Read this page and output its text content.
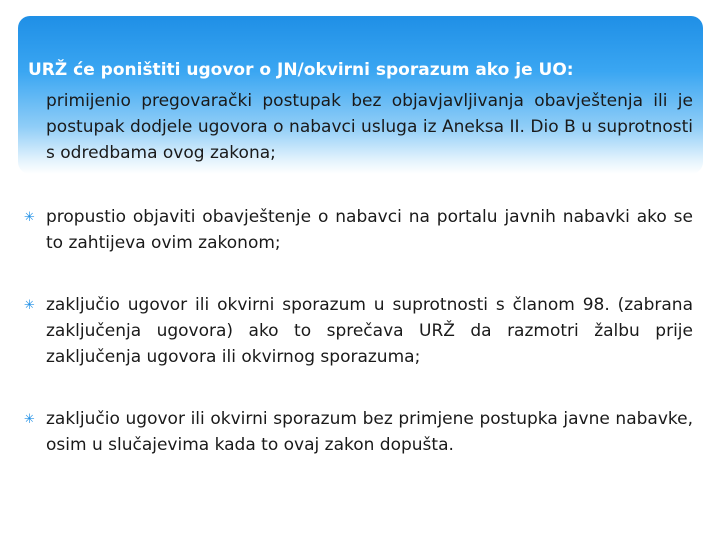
URŽ će poništiti ugovor o JN/okvirni sporazum ako je UO:
primijenio pregovarački postupak bez objavjavljivanja obavještenja ili je postupak dodjele ugovora o nabavci usluga iz Aneksa II. Dio B u suprotnosti s odredbama ovog zakona;
✳ propustio objaviti obavještenje o nabavci na portalu javnih nabavki ako se to zahtijeva ovim zakonom;
✳ zaključio ugovor ili okvirni sporazum u suprotnosti s članom 98. (zabrana zaključenja ugovora) ako to sprečava URŽ da razmotri žalbu prije zaključenja ugovora ili okvirnog sporazuma;
✳ zaključio ugovor ili okvirni sporazum bez primjene postupka javne nabavke, osim u slučajevima kada to ovaj zakon dopušta.
